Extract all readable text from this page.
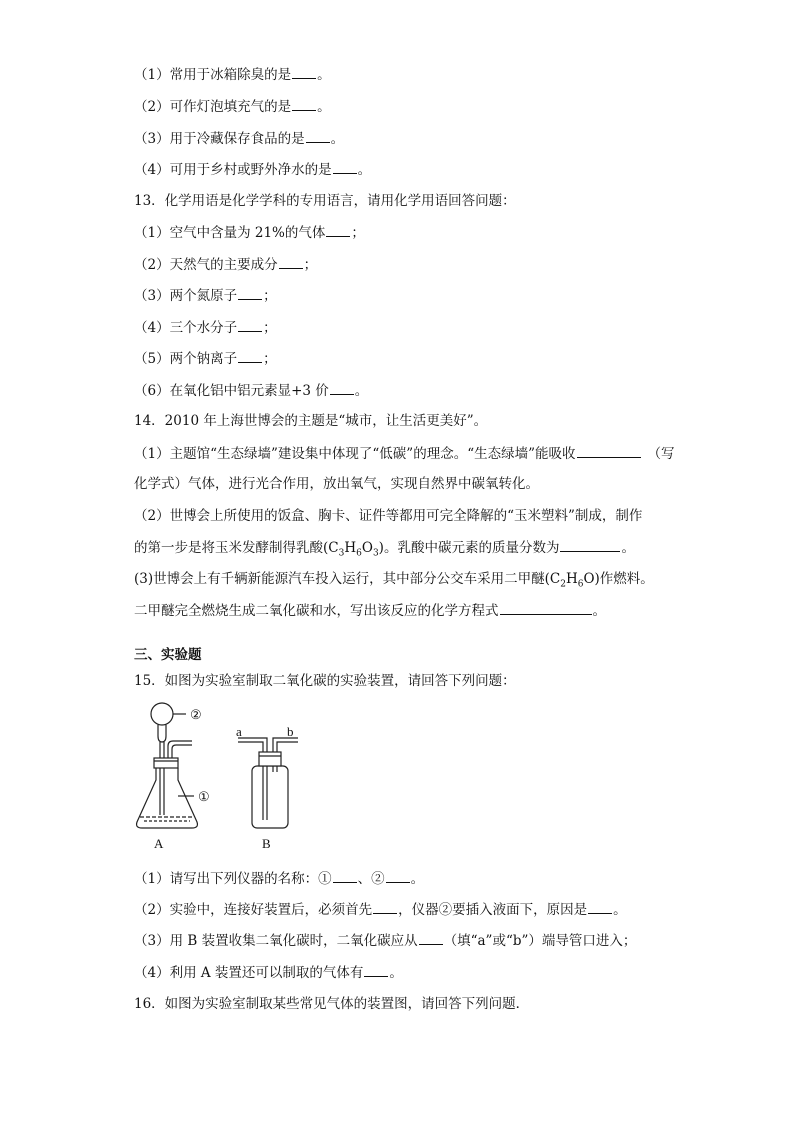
（1）常用于冰箱除臭的是 。
（2）可作灯泡填充气的是 。
（3）用于冷藏保存食品的是 。
（4）可用于乡村或野外净水的是 。
13．化学用语是化学学科的专用语言，请用化学用语回答问题：
（1）空气中含量为 21%的气体 ；
（2）天然气的主要成分 ；
（3）两个氮原子 ；
（4）三个水分子 ；
（5）两个钠离子 ；
（6）在氧化铝中铝元素显+3 价 。
14．2010 年上海世博会的主题是“城市，让生活更美好”。
（1）主题馆“生态绿墙”建设集中体现了“低碳”的理念。“生态绿墙”能吸收	（写
化学式）气体，进行光合作用，放出氧气，实现自然界中碳氧转化。
（2）世博会上所使用的饭盒、胸卡、证件等都用可完全降解的“玉米塑料”制成，制作
的第一步是将玉米发酵制得乳酸$(C_3H_6O_3)$。乳酸中碳元素的质量分数为	。
(3)世博会上有千辆新能源汽车投入运行，其中部分公交车采用二甲醚$(C_2H_6O)$作燃料。
二甲醚完全燃烧生成二氧化碳和水，写出该反应的化学方程式	。
三、实验题
15．如图为实验室制取二氧化碳的实验装置，请回答下列问题：
②
①
A
a	b
B
（1）请写出下列仪器的名称：① 、② 。
（2）实验中，连接好装置后，必须首先 ，仪器②要插入液面下，原因是 。
（3）用 B 装置收集二氧化碳时，二氧化碳应从 （填“a”或“b”）端导管口进入；
（4）利用 A 装置还可以制取的气体有 。
16．如图为实验室制取某些常见气体的装置图，请回答下列问题．
